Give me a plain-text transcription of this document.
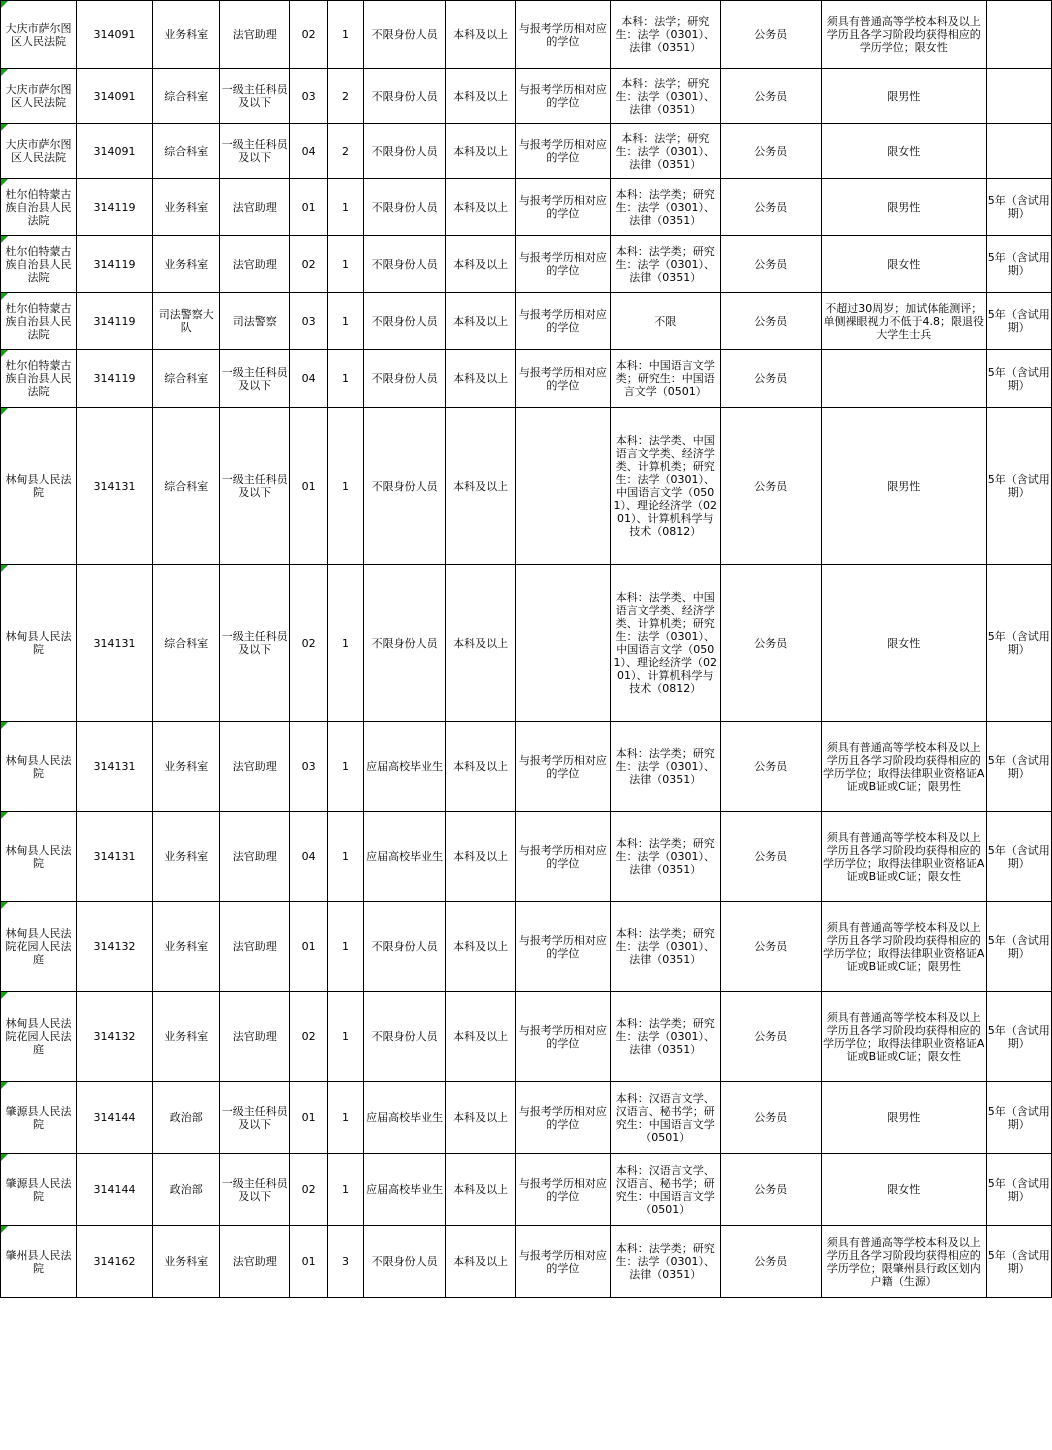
大庆市萨尔图区人民法院	314091	业务科室	法官助理	02	1	不限身份人员	本科及以上	与报考学历相对应的学位	本科：法学；研究生：法学（0301）、法律（0351）	公务员	须具有普通高等学校本科及以上学历且各学习阶段均获得相应的学历学位；限女性	

大庆市萨尔图区人民法院	314091	综合科室	一级主任科员及以下	03	2	不限身份人员	本科及以上	与报考学历相对应的学位	本科：法学；研究生：法学（0301）、法律（0351）	公务员	限男性	

大庆市萨尔图区人民法院	314091	综合科室	一级主任科员及以下	04	2	不限身份人员	本科及以上	与报考学历相对应的学位	本科：法学；研究生：法学（0301）、法律（0351）	公务员	限女性	

杜尔伯特蒙古族自治县人民法院	314119	业务科室	法官助理	01	1	不限身份人员	本科及以上	与报考学历相对应的学位	本科：法学类；研究生：法学（0301）、法律（0351）	公务员	限男性	5年（含试用期）

杜尔伯特蒙古族自治县人民法院	314119	业务科室	法官助理	02	1	不限身份人员	本科及以上	与报考学历相对应的学位	本科：法学类；研究生：法学（0301）、法律（0351）	公务员	限女性	5年（含试用期）

杜尔伯特蒙古族自治县人民法院	314119	司法警察大队	司法警察	03	1	不限身份人员	本科及以上	与报考学历相对应的学位	不限	公务员	不超过30周岁；加试体能测评；单侧裸眼视力不低于4.8；限退役大学生士兵	5年（含试用期）

杜尔伯特蒙古族自治县人民法院	314119	综合科室	一级主任科员及以下	04	1	不限身份人员	本科及以上	与报考学历相对应的学位	本科：中国语言文学类；研究生：中国语言文学（0501）	公务员		5年（含试用期）

林甸县人民法院	314131	综合科室	一级主任科员及以下	01	1	不限身份人员	本科及以上		本科：法学类、中国语言文学类、经济学类、计算机类；研究生：法学（0301）、中国语言文学（0501）、理论经济学（0201）、计算机科学与技术（0812）	公务员	限男性	5年（含试用期）

林甸县人民法院	314131	综合科室	一级主任科员及以下	02	1	不限身份人员	本科及以上		本科：法学类、中国语言文学类、经济学类、计算机类；研究生：法学（0301）、中国语言文学（0501）、理论经济学（0201）、计算机科学与技术（0812）	公务员	限女性	5年（含试用期）

林甸县人民法院	314131	业务科室	法官助理	03	1	应届高校毕业生	本科及以上	与报考学历相对应的学位	本科：法学类；研究生：法学（0301）、法律（0351）	公务员	须具有普通高等学校本科及以上学历且各学习阶段均获得相应的学历学位；取得法律职业资格证A证或B证或C证；限男性	5年（含试用期）

林甸县人民法院	314131	业务科室	法官助理	04	1	应届高校毕业生	本科及以上	与报考学历相对应的学位	本科：法学类；研究生：法学（0301）、法律（0351）	公务员	须具有普通高等学校本科及以上学历且各学习阶段均获得相应的学历学位；取得法律职业资格证A证或B证或C证；限女性	5年（含试用期）

林甸县人民法院花园人民法庭	314132	业务科室	法官助理	01	1	不限身份人员	本科及以上	与报考学历相对应的学位	本科：法学类；研究生：法学（0301）、法律（0351）	公务员	须具有普通高等学校本科及以上学历且各学习阶段均获得相应的学历学位；取得法律职业资格证A证或B证或C证；限男性	5年（含试用期）

林甸县人民法院花园人民法庭	314132	业务科室	法官助理	02	1	不限身份人员	本科及以上	与报考学历相对应的学位	本科：法学类；研究生：法学（0301）、法律（0351）	公务员	须具有普通高等学校本科及以上学历且各学习阶段均获得相应的学历学位；取得法律职业资格证A证或B证或C证；限女性	5年（含试用期）

肇源县人民法院	314144	政治部	一级主任科员及以下	01	1	应届高校毕业生	本科及以上	与报考学历相对应的学位	本科：汉语言文学、汉语言、秘书学；研究生：中国语言文学（0501）	公务员	限男性	5年（含试用期）

肇源县人民法院	314144	政治部	一级主任科员及以下	02	1	应届高校毕业生	本科及以上	与报考学历相对应的学位	本科：汉语言文学、汉语言、秘书学；研究生：中国语言文学（0501）	公务员	限女性	5年（含试用期）

肇州县人民法院	314162	业务科室	法官助理	01	3	不限身份人员	本科及以上	与报考学历相对应的学位	本科：法学类；研究生：法学（0301）、法律（0351）	公务员	须具有普通高等学校本科及以上学历且各学习阶段均获得相应的学历学位；限肇州县行政区划内户籍（生源）	5年（含试用期）
